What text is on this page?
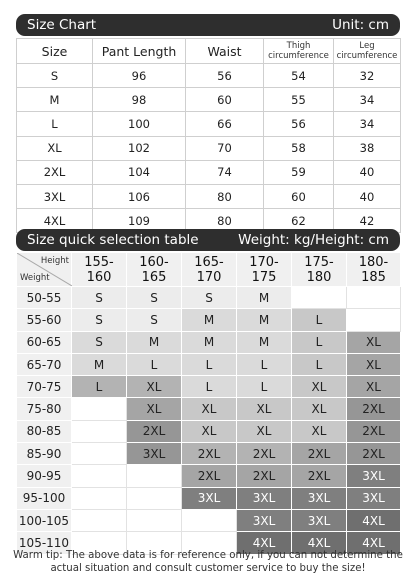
Size Chart	Unit: cm
Size	Pant Length	Waist	Thigh circumference	Leg circumference
S	96	56	54	32
M	98	60	55	34
L	100	66	56	34
XL	102	70	58	38
2XL	104	74	59	40
3XL	106	80	60	40
4XL	109	80	62	42
Size quick selection table	Weight: kg/Height: cm
Height
Weight	155-160	160-165	165-170	170-175	175-180	180-185
50-55	S	S	S	M		
55-60	S	S	M	M	L	
60-65	S	M	M	M	L	XL
65-70	M	L	L	L	L	XL
70-75	L	XL	L	L	XL	XL
75-80		XL	XL	XL	XL	2XL
80-85		2XL	XL	XL	XL	2XL
85-90		3XL	2XL	2XL	2XL	2XL
90-95			2XL	2XL	2XL	3XL
95-100			3XL	3XL	3XL	3XL
100-105				3XL	3XL	4XL
105-110				4XL	4XL	4XL
Warm tip: The above data is for reference only, if you can not determine the actual situation and consult customer service to buy the size!
